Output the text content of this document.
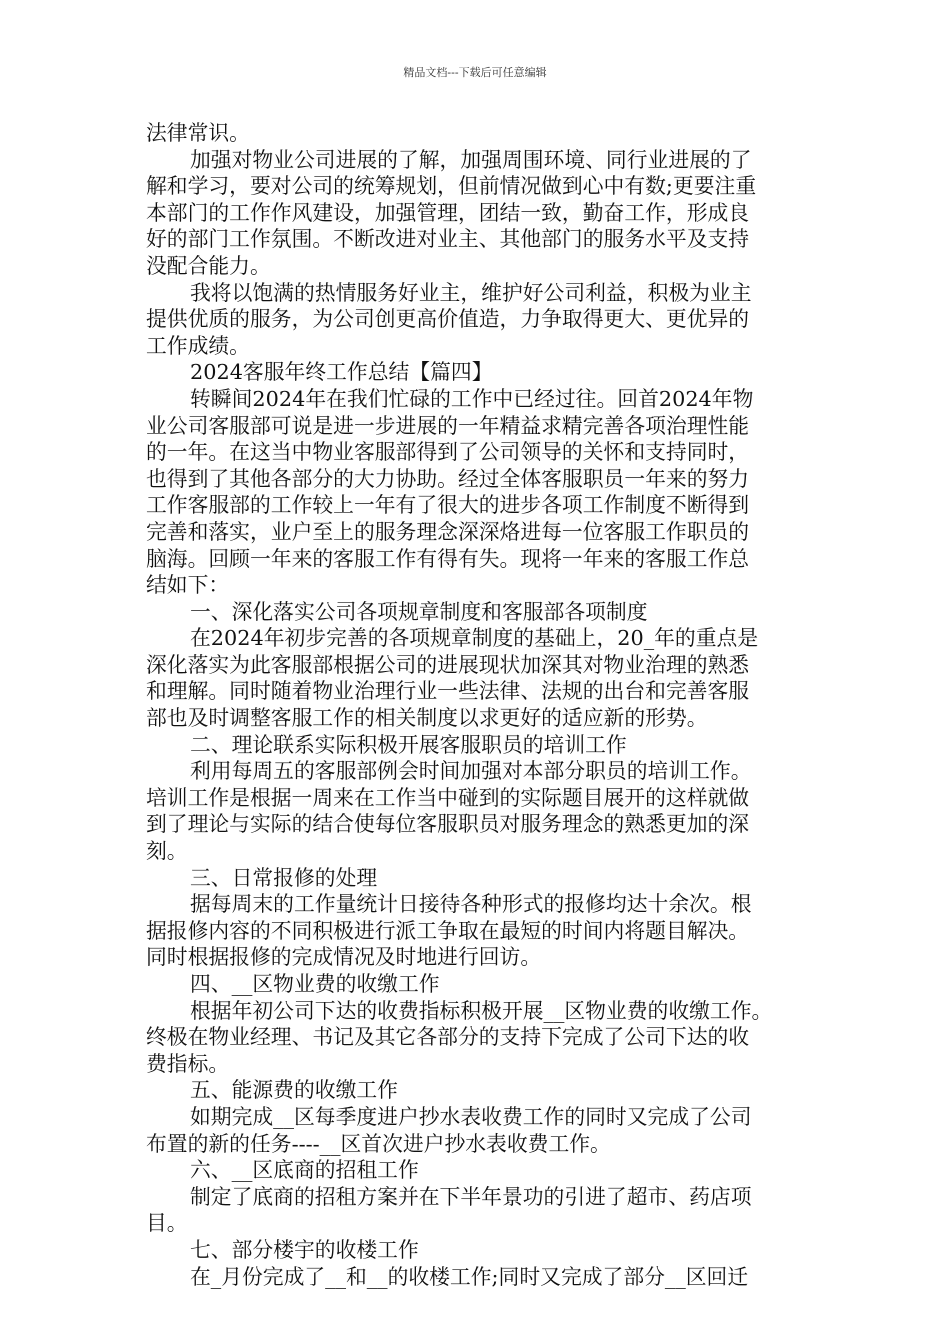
精品文档---下载后可任意编辑

法律常识。

加强对物业公司进展的了解，加强周围环境、同行业进展的了

解和学习，要对公司的统筹规划，但前情况做到心中有数;更要注重

本部门的工作作风建设，加强管理，团结一致，勤奋工作，形成良

好的部门工作氛围。不断改进对业主、其他部门的服务水平及支持

没配合能力。

我将以饱满的热情服务好业主，维护好公司利益，积极为业主

提供优质的服务，为公司创更高价值造，力争取得更大、更优异的

工作成绩。

2024客服年终工作总结【篇四】

转瞬间2024年在我们忙碌的工作中已经过往。回首2024年物

业公司客服部可说是进一步进展的一年精益求精完善各项治理性能

的一年。在这当中物业客服部得到了公司领导的关怀和支持同时，

也得到了其他各部分的大力协助。经过全体客服职员一年来的努力

工作客服部的工作较上一年有了很大的进步各项工作制度不断得到

完善和落实，业户至上的服务理念深深烙进每一位客服工作职员的

脑海。回顾一年来的客服工作有得有失。现将一年来的客服工作总

结如下：

一、深化落实公司各项规章制度和客服部各项制度

在2024年初步完善的各项规章制度的基础上，20_年的重点是

深化落实为此客服部根据公司的进展现状加深其对物业治理的熟悉

和理解。同时随着物业治理行业一些法律、法规的出台和完善客服

部也及时调整客服工作的相关制度以求更好的适应新的形势。

二、理论联系实际积极开展客服职员的培训工作

利用每周五的客服部例会时间加强对本部分职员的培训工作。

培训工作是根据一周来在工作当中碰到的实际题目展开的这样就做

到了理论与实际的结合使每位客服职员对服务理念的熟悉更加的深

刻。

三、日常报修的处理

据每周末的工作量统计日接待各种形式的报修均达十余次。根

据报修内容的不同积极进行派工争取在最短的时间内将题目解决。

同时根据报修的完成情况及时地进行回访。

四、__区物业费的收缴工作

根据年初公司下达的收费指标积极开展__区物业费的收缴工作。

终极在物业经理、书记及其它各部分的支持下完成了公司下达的收

费指标。

五、能源费的收缴工作

如期完成__区每季度进户抄水表收费工作的同时又完成了公司

布置的新的任务----__区首次进户抄水表收费工作。

六、__区底商的招租工作

制定了底商的招租方案并在下半年景功的引进了超市、药店项

目。

七、部分楼宇的收楼工作

在_月份完成了__和__的收楼工作;同时又完成了部分__区回迁
